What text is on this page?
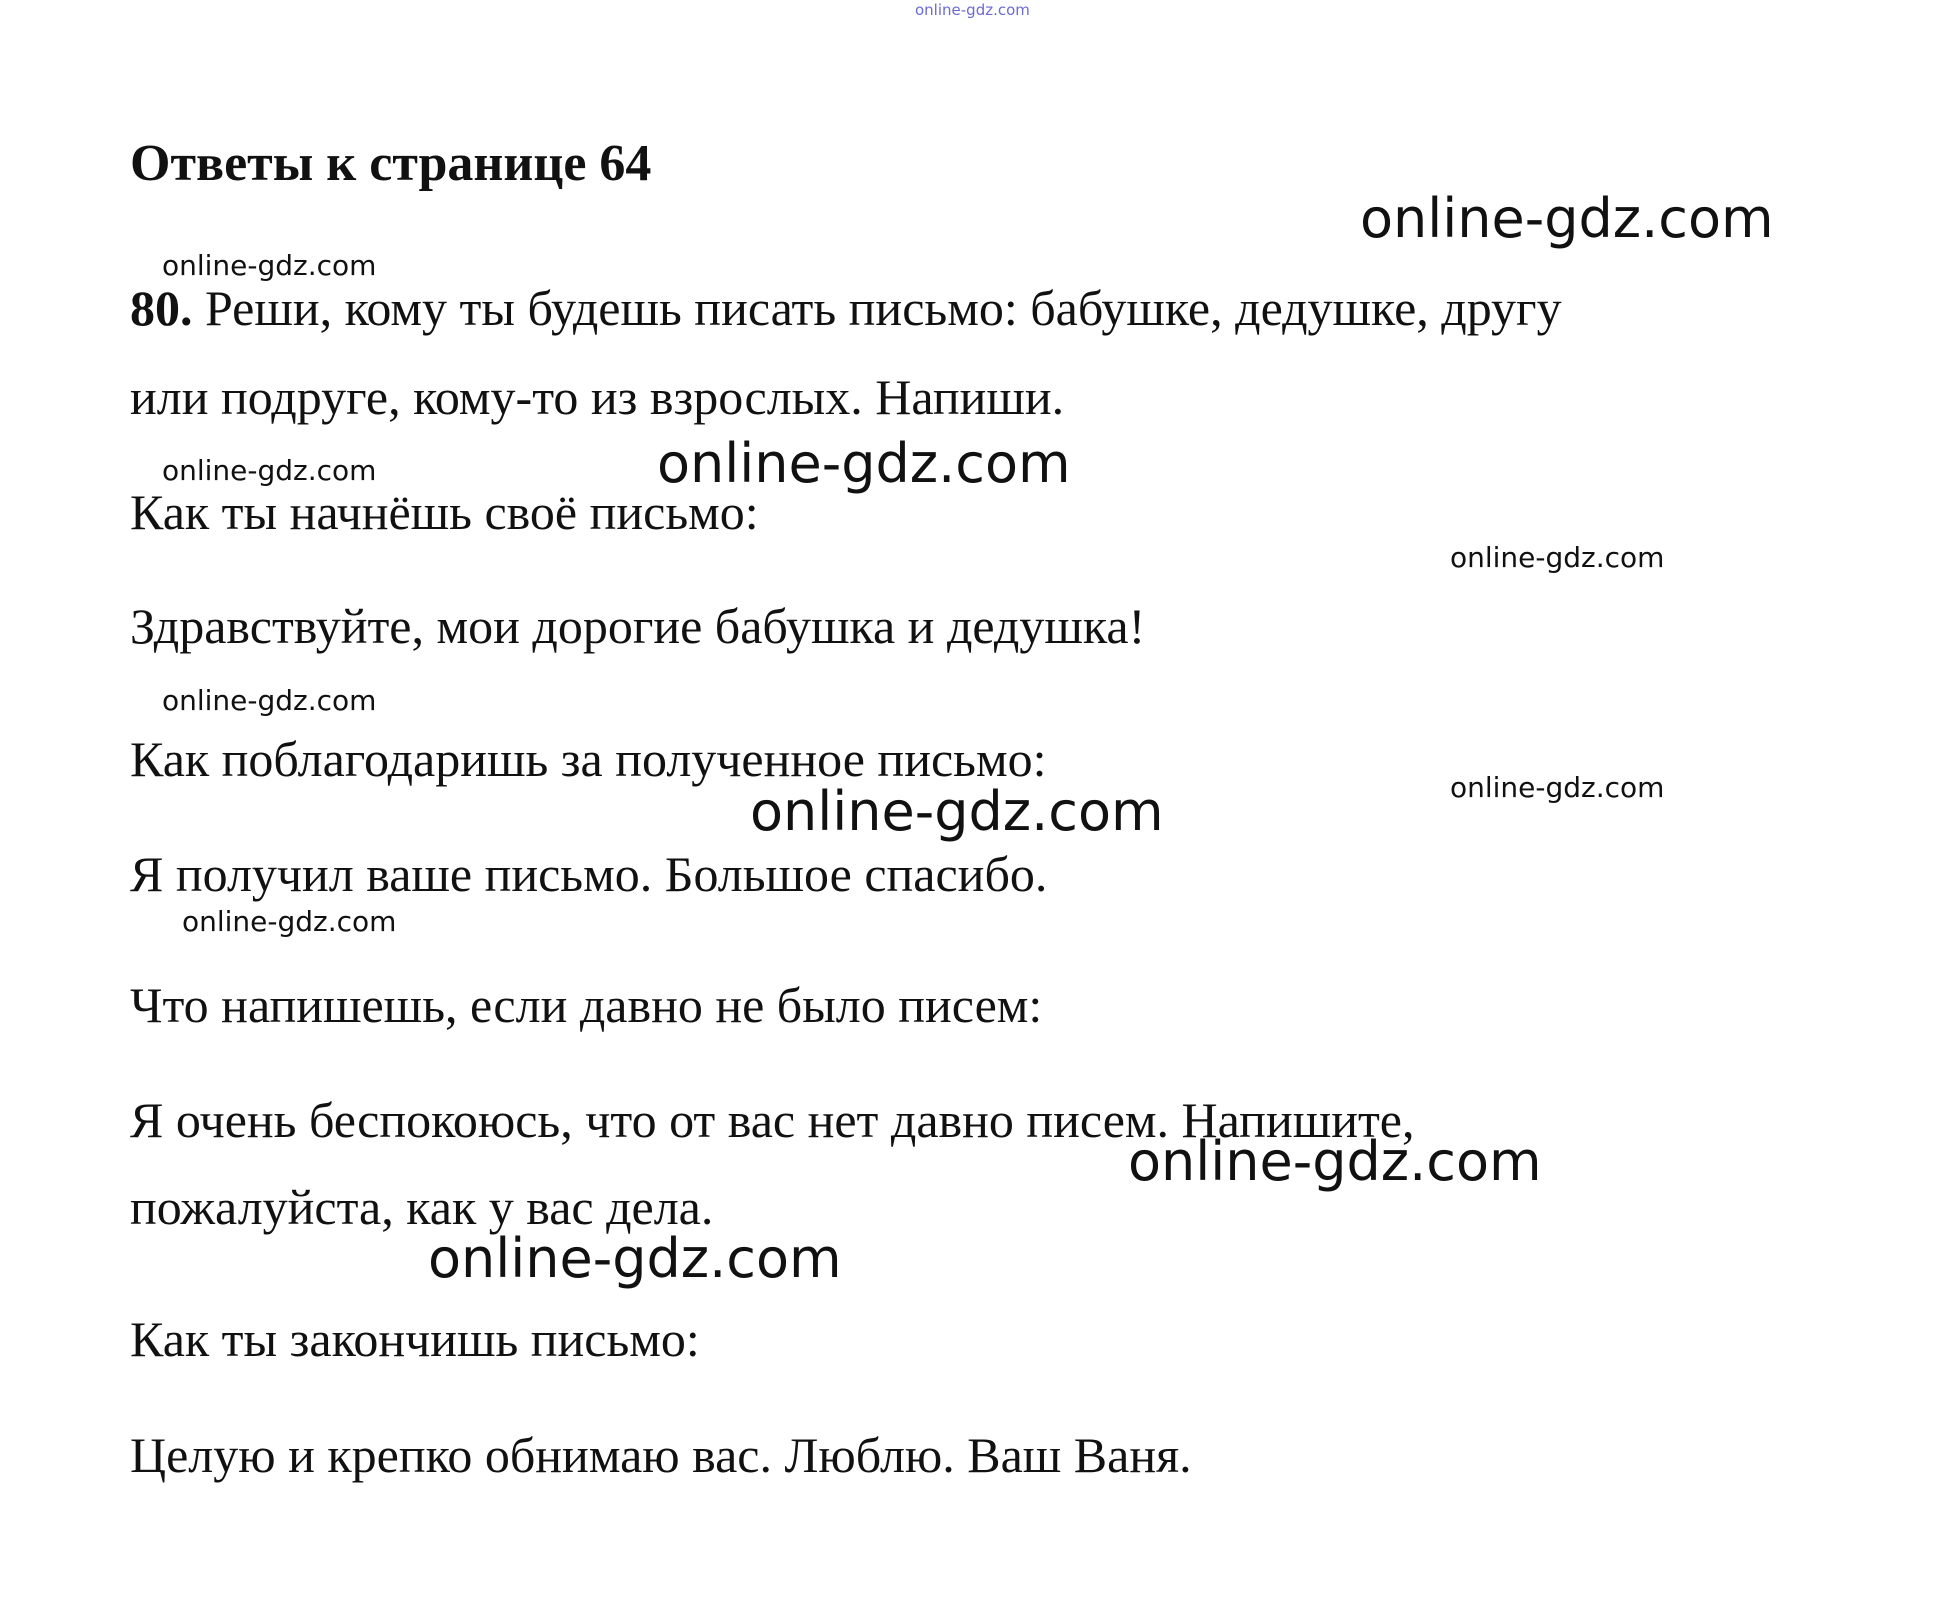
online-gdz.com
Ответы к странице 64
80. Реши, кому ты будешь писать письмо: бабушке, дедушке, другу
или подруге, кому-то из взрослых. Напиши.
Как ты начнёшь своё письмо:
Здравствуйте, мои дорогие бабушка и дедушка!
Как поблагодаришь за полученное письмо:
Я получил ваше письмо. Большое спасибо.
Что напишешь, если давно не было писем:
Я очень беспокоюсь, что от вас нет давно писем. Напишите,
пожалуйста, как у вас дела.
Как ты закончишь письмо:
Целую и крепко обнимаю вас. Люблю. Ваш Ваня.
online-gdz.com
online-gdz.com
online-gdz.com	online-gdz.com
online-gdz.com
online-gdz.com
online-gdz.com
online-gdz.com
online-gdz.com
online-gdz.com
online-gdz.com
